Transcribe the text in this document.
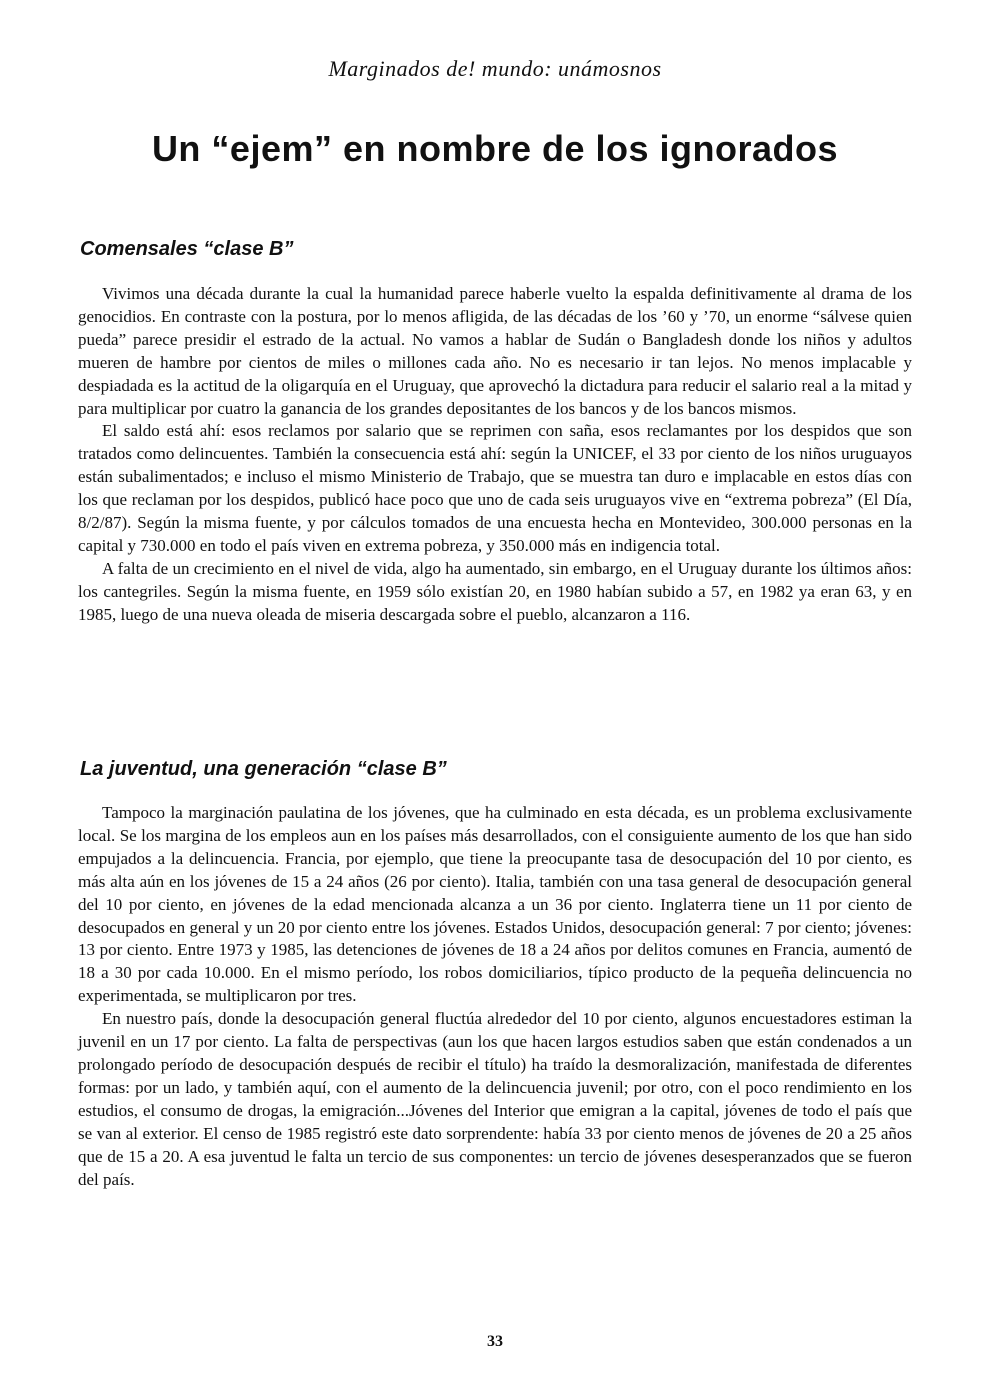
Marginados de! mundo: unámosnos
Un “ejem” en nombre de los ignorados
Comensales “clase B”

Vivimos una década durante la cual la humanidad parece haberle vuelto la espalda definitivamente al drama de los genocidios. En contraste con la postura, por lo menos afligida, de las décadas de los ’60 y ’70, un enorme “sálvese quien pueda” parece presidir el estrado de la actual. No vamos a hablar de Sudán o Bangladesh donde los niños y adultos mueren de hambre por cientos de miles o millones cada año. No es necesario ir tan lejos. No menos implacable y despiadada es la actitud de la oligarquía en el Uruguay, que aprovechó la dictadura para reducir el salario real a la mitad y para multiplicar por cuatro la ganancia de los grandes depositantes de los bancos y de los bancos mismos.

El saldo está ahí: esos reclamos por salario que se reprimen con saña, esos reclamantes por los despidos que son tratados como delincuentes. También la consecuencia está ahí: según la UNICEF, el 33 por ciento de los niños uruguayos están subalimentados; e incluso el mismo Ministerio de Trabajo, que se muestra tan duro e implacable en estos días con los que reclaman por los despidos, publicó hace poco que uno de cada seis uruguayos vive en “extrema pobreza” (El Día, 8/2/87). Según la misma fuente, y por cálculos tomados de una encuesta hecha en Montevideo, 300.000 personas en la capital y 730.000 en todo el país viven en extrema pobreza, y 350.000 más en indigencia total.

A falta de un crecimiento en el nivel de vida, algo ha aumentado, sin embargo, en el Uruguay durante los últimos años: los cantegriles. Según la misma fuente, en 1959 sólo existían 20, en 1980 habían subido a 57, en 1982 ya eran 63, y en 1985, luego de una nueva oleada de miseria descargada sobre el pueblo, alcanzaron a 116.

La juventud, una generación “clase B”

Tampoco la marginación paulatina de los jóvenes, que ha culminado en esta década, es un problema exclusivamente local. Se los margina de los empleos aun en los países más desarrollados, con el consiguiente aumento de los que han sido empujados a la delincuencia. Francia, por ejemplo, que tiene la preocupante tasa de desocupación del 10 por ciento, es más alta aún en los jóvenes de 15 a 24 años (26 por ciento). Italia, también con una tasa general de desocupación general del 10 por ciento, en jóvenes de la edad mencionada alcanza a un 36 por ciento. Inglaterra tiene un 11 por ciento de desocupados en general y un 20 por ciento entre los jóvenes. Estados Unidos, desocupación general: 7 por ciento; jóvenes: 13 por ciento. Entre 1973 y 1985, las detenciones de jóvenes de 18 a 24 años por delitos comunes en Francia, aumentó de 18 a 30 por cada 10.000. En el mismo período, los robos domiciliarios, típico producto de la pequeña delincuencia no experimentada, se multiplicaron por tres.

En nuestro país, donde la desocupación general fluctúa alrededor del 10 por ciento, algunos encuestadores estiman la juvenil en un 17 por ciento. La falta de perspectivas (aun los que hacen largos estudios saben que están condenados a un prolongado período de desocupación después de recibir el título) ha traído la desmoralización, manifestada de diferentes formas: por un lado, y también aquí, con el aumento de la delincuencia juvenil; por otro, con el poco rendimiento en los estudios, el consumo de drogas, la emigración...Jóvenes del Interior que emigran a la capital, jóvenes de todo el país que se van al exterior. El censo de 1985 registró este dato sorprendente: había 33 por ciento menos de jóvenes de 20 a 25 años que de 15 a 20. A esa juventud le falta un tercio de sus componentes: un tercio de jóvenes desesperanzados que se fueron del país.

33
